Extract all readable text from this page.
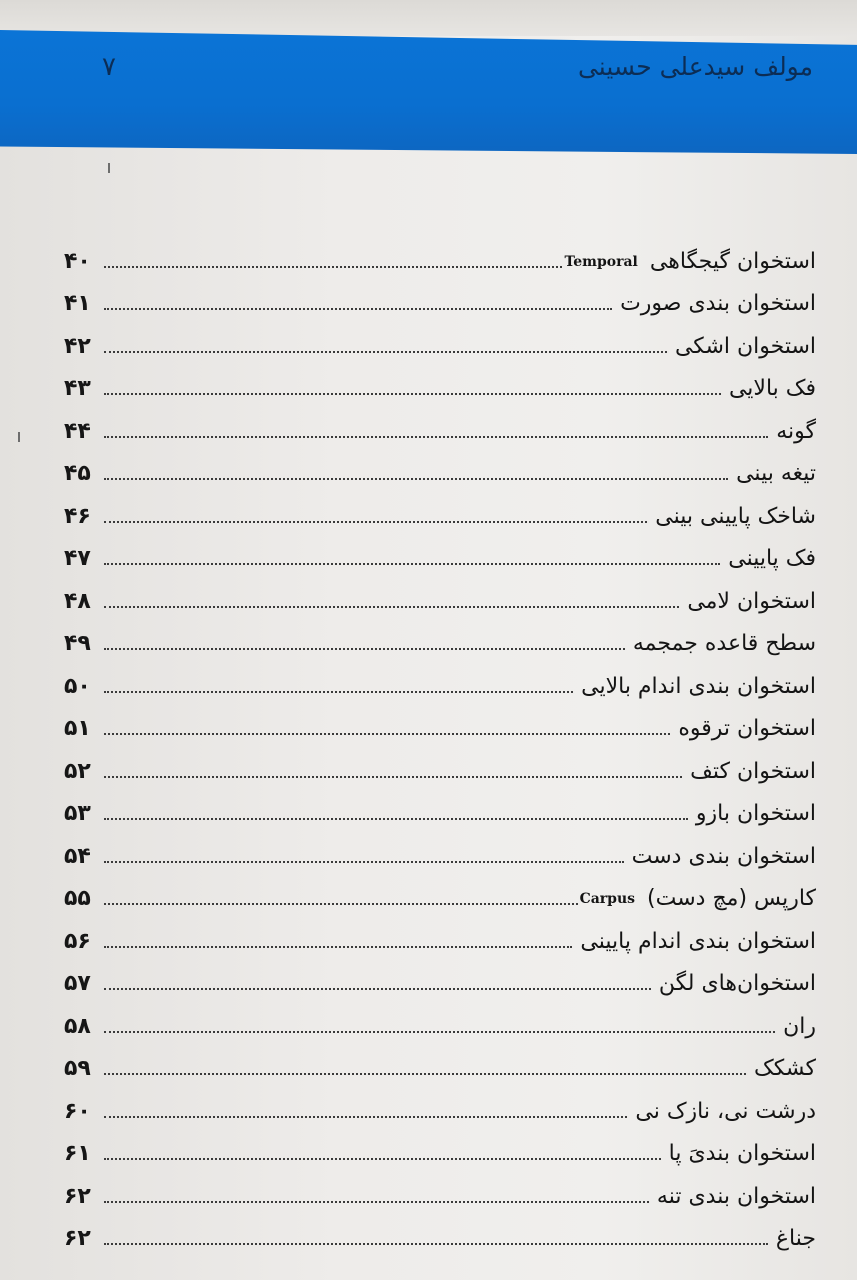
مولف سیدعلی حسینی
۷
استخوان گیجگاهی
Temporal
۴۰
استخوان بندی صورت
۴۱
استخوان اشکی
۴۲
فک بالایی
۴۳
گونه
۴۴
تیغه بینی
۴۵
شاخک پایینی بینی
۴۶
فک پایینی
۴۷
استخوان لامی
۴۸
سطح قاعده جمجمه
۴۹
استخوان بندی اندام بالایی
۵۰
استخوان ترقوه
۵۱
استخوان کتف
۵۲
استخوان بازو
۵۳
استخوان بندی دست
۵۴
کارپس (مچ دست)
Carpus
۵۵
استخوان بندی اندام پایینی
۵۶
استخوان‌های لگن
۵۷
ران
۵۸
کشکک
۵۹
درشت نی، نازک نی
۶۰
استخوان بندیَ پا
۶۱
استخوان بندی تنه
۶۲
جناغ
۶۲
